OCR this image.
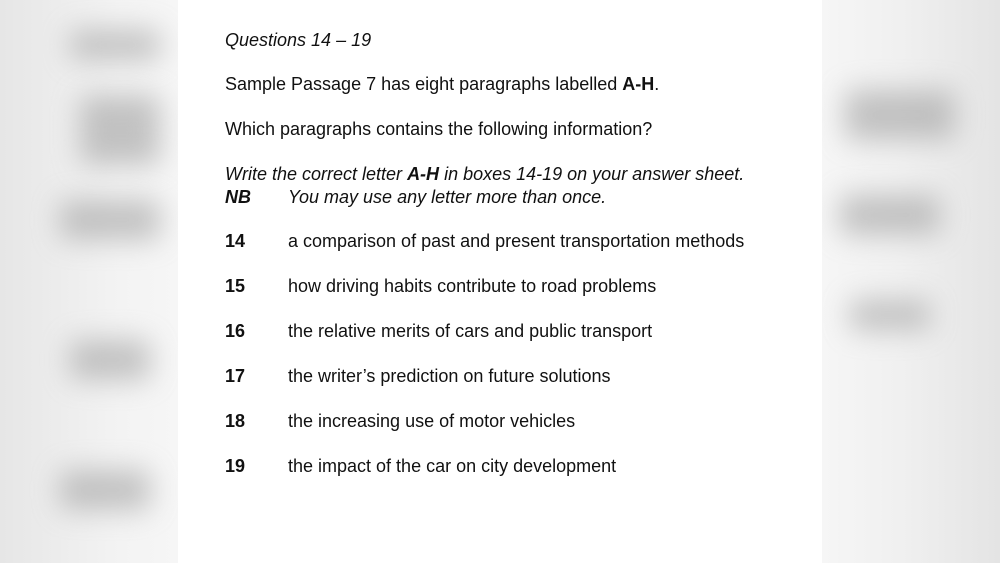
Questions 14 – 19
Sample Passage 7 has eight paragraphs labelled A-H.
Which paragraphs contains the following information?
Write the correct letter A-H in boxes 14-19 on your answer sheet.
NB You may use any letter more than once.
14 a comparison of past and present transportation methods
15 how driving habits contribute to road problems
16 the relative merits of cars and public transport
17 the writer’s prediction on future solutions
18 the increasing use of motor vehicles
19 the impact of the car on city development
